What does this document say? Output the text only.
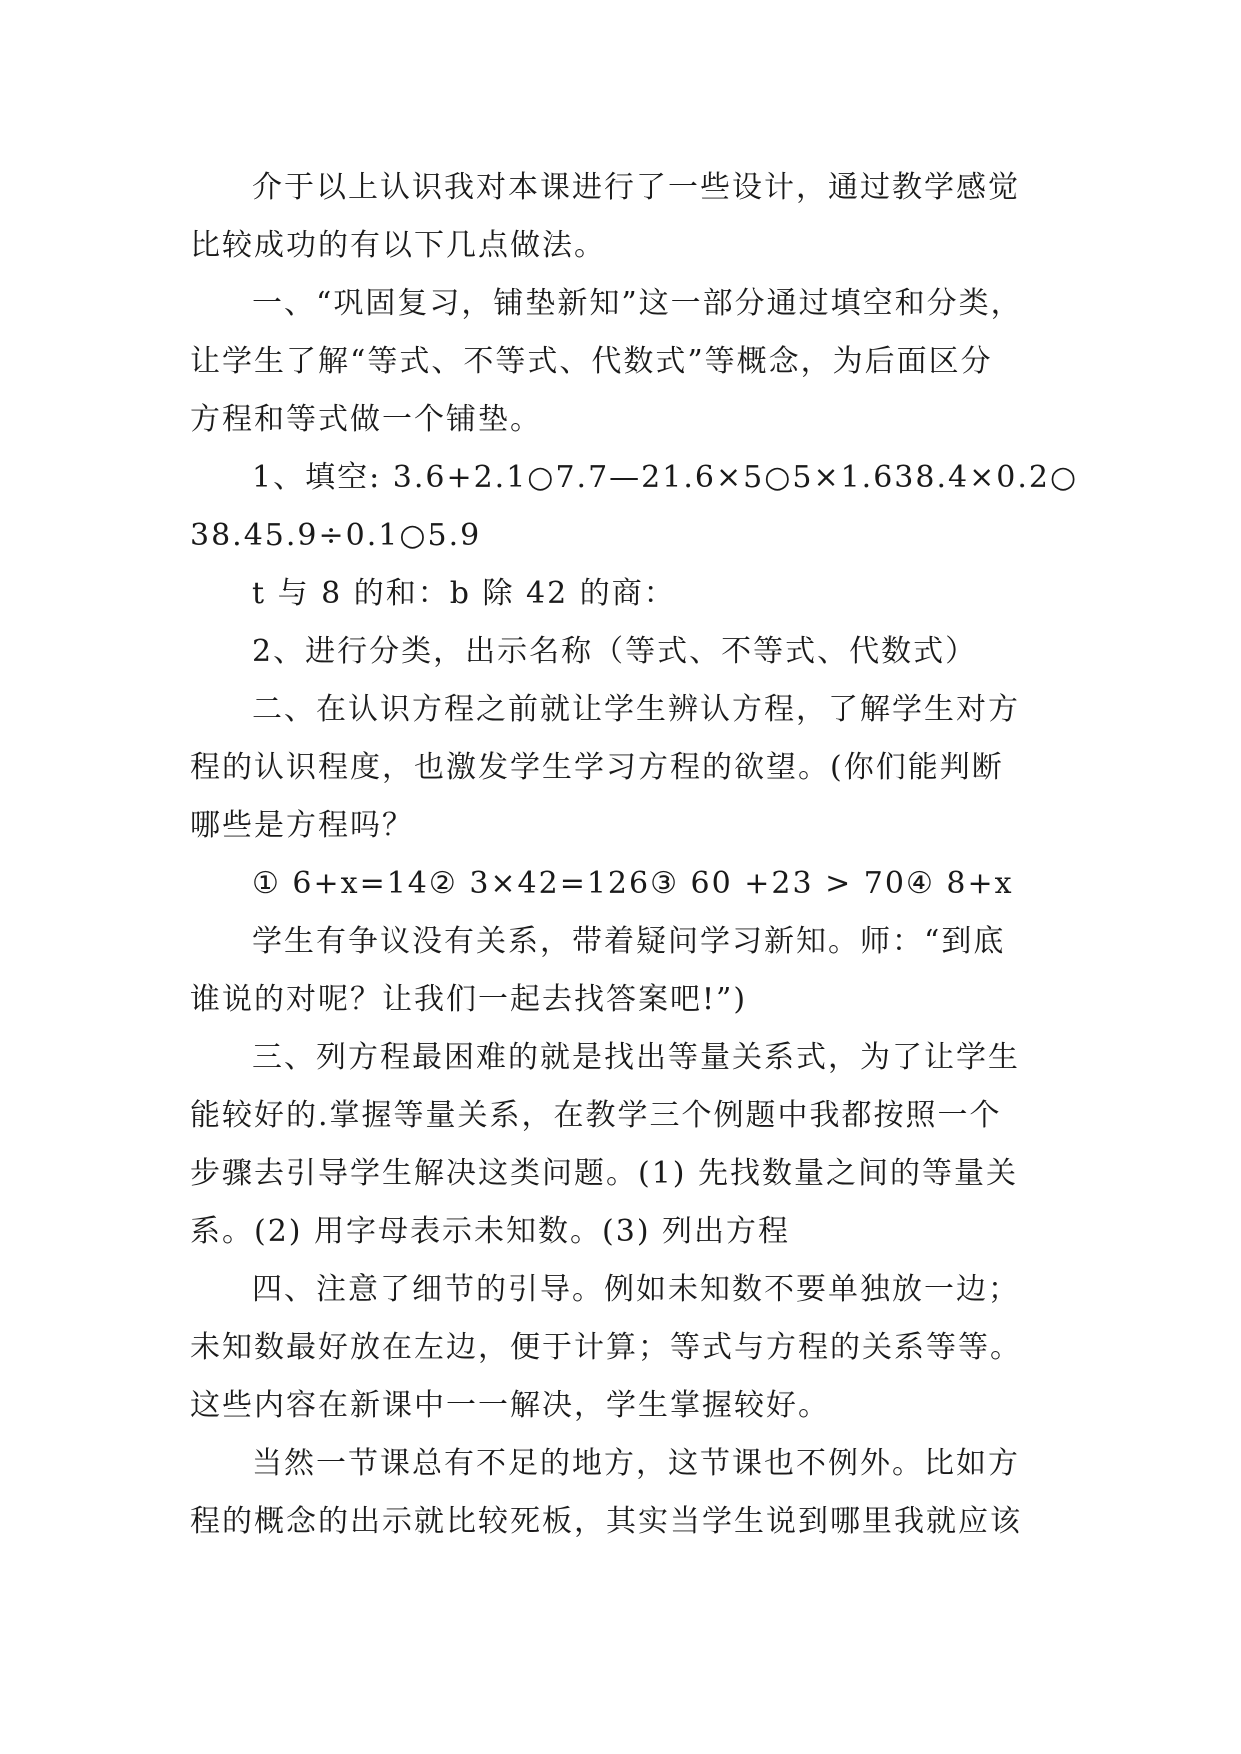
介于以上认识我对本课进行了一些设计，通过教学感觉
比较成功的有以下几点做法。
一、“巩固复习，铺垫新知”这一部分通过填空和分类，
让学生了解“等式、不等式、代数式”等概念，为后面区分
方程和等式做一个铺垫。
1、填空: 3.6+2.1○7.7—21.6×5○5×1.638.4×0.2○
38.45.9÷0.1○5.9
t 与 8 的和：b 除 42 的商：
2、进行分类，出示名称（等式、不等式、代数式）
二、在认识方程之前就让学生辨认方程，了解学生对方
程的认识程度，也激发学生学习方程的欲望。(你们能判断
哪些是方程吗？
① 6+x=14② 3×42=126③ 60 +23 > 70④ 8+x
学生有争议没有关系，带着疑问学习新知。师：“到底
谁说的对呢？让我们一起去找答案吧!”)
三、列方程最困难的就是找出等量关系式，为了让学生
能较好的.掌握等量关系，在教学三个例题中我都按照一个
步骤去引导学生解决这类问题。(1) 先找数量之间的等量关
系。(2) 用字母表示未知数。(3) 列出方程
四、注意了细节的引导。例如未知数不要单独放一边；
未知数最好放在左边，便于计算；等式与方程的关系等等。
这些内容在新课中一一解决，学生掌握较好。
当然一节课总有不足的地方，这节课也不例外。比如方
程的概念的出示就比较死板，其实当学生说到哪里我就应该
